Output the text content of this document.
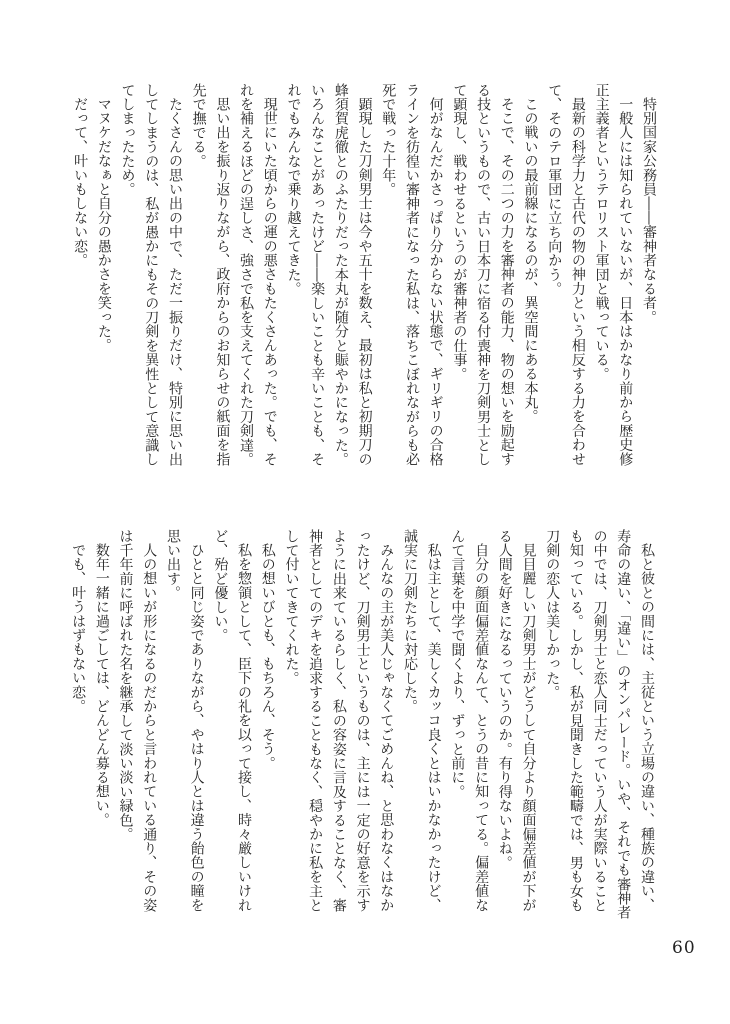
特別国家公務員――審神者なる者。

一般人には知られていないが、日本はかなり前から歴史修正主義者というテロリスト軍団と戦っている。

最新の科学力と古代の物の神力という相反する力を合わせて、そのテロ軍団に立ち向かう。

この戦いの最前線になるのが、異空間にある本丸。

そこで、その二つの力を審神者の能力、物の想いを励起する技というもので、古い日本刀に宿る付喪神を刀剣男士として顕現し、戦わせるというのが審神者の仕事。

何がなんだかさっぱり分からない状態で、ギリギリの合格ラインを彷徨い審神者になった私は、落ちこぼれながらも必死で戦った十年。

顕現した刀剣男士は今や五十を数え、最初は私と初期刀の蜂須賀虎徹とのふたりだった本丸が随分と賑やかになった。いろんなことがあったけど――楽しいことも辛いことも、それでもみんなで乗り越えてきた。

現世にいた頃からの運の悪さもたくさんあった。でも、それを補えるほどの逞しさ、強さで私を支えてくれた刀剣達。

思い出を振り返りながら、政府からのお知らせの紙面を指先で撫でる。

たくさんの思い出の中で、ただ一振りだけ、特別に思い出してしまうのは、私が愚かにもその刀剣を異性として意識してしまったため。

マヌケだなぁと自分の愚かさを笑った。

だって、叶いもしない恋。

私と彼との間には、主従という立場の違い、種族の違い、寿命の違い、「違い」のオンパレード。いや、それでも審神者の中では、刀剣男士と恋人同士だっていう人が実際いることも知っている。しかし、私が見聞きした範疇では、男も女も刀剣の恋人は美しかった。

見目麗しい刀剣男士がどうして自分より顔面偏差値が下がる人間を好きになるっていうのか。有り得ないよね。

自分の顔面偏差値なんて、とうの昔に知ってる。偏差値なんて言葉を中学で聞くより、ずっと前に。

私は主として、美しくカッコ良くとはいかなかったけど、誠実に刀剣たちに対応した。

みんなの主が美人じゃなくてごめんね、と思わなくはなかったけど、刀剣男士というものは、主には一定の好意を示すように出来ているらしく、私の容姿に言及することなく、審神者としてのデキを追求することもなく、穏やかに私を主として付いてきてくれた。

私の想いびとも、もちろん、そう。

私を惣領として、臣下の礼を以って接し、時々厳しいけれど、殆ど優しい。

ひとと同じ姿でありながら、やはり人とは違う飴色の瞳を思い出す。

人の想いが形になるのだからと言われている通り、その姿は千年前に呼ばれた名を継承して淡い淡い緑色。

数年一緒に過ごしては、どんどん募る想い。

でも、叶うはずもない恋。

60
